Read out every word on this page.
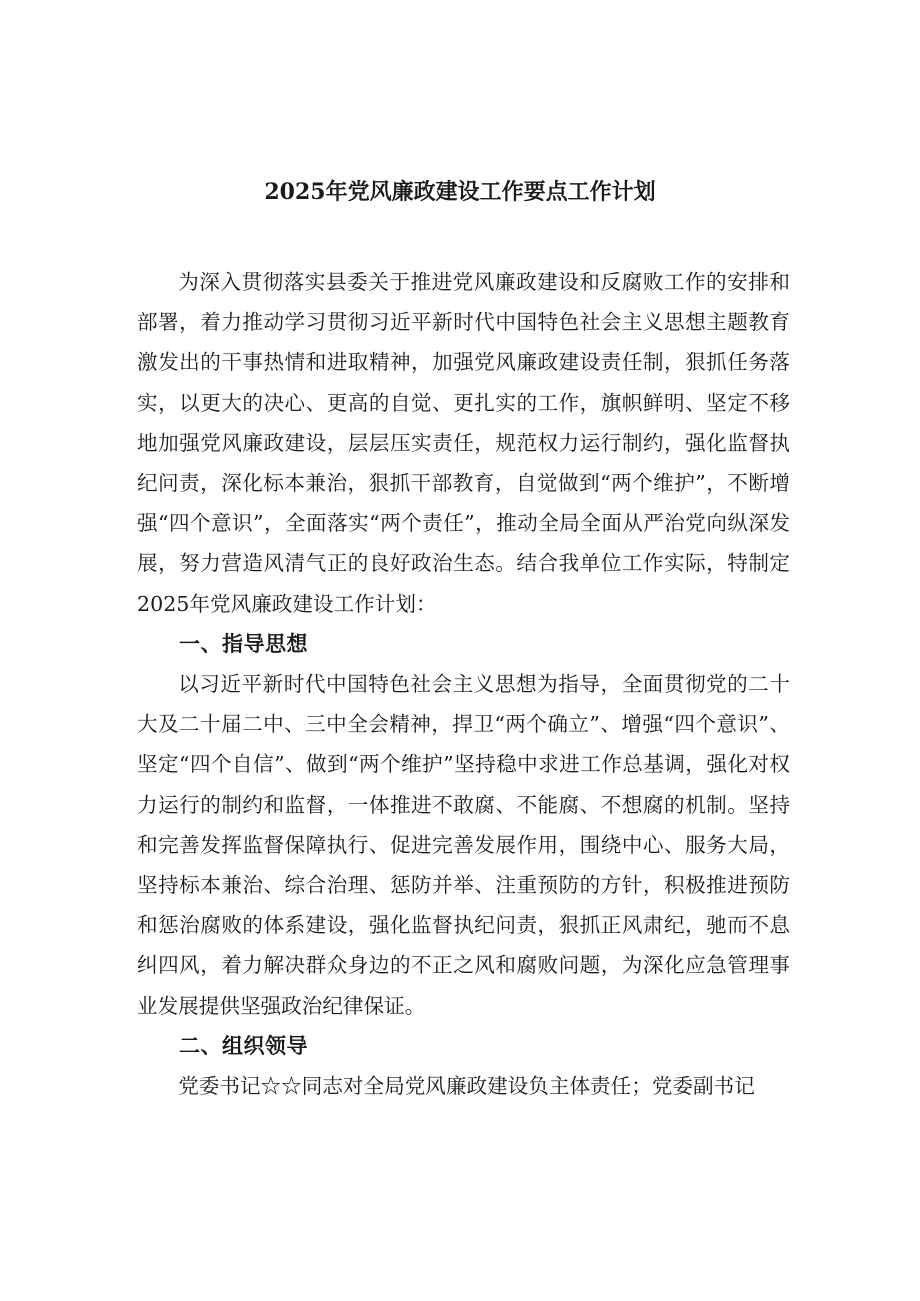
2025年党风廉政建设工作要点工作计划

为深入贯彻落实县委关于推进党风廉政建设和反腐败工作的安排和部署，着力推动学习贯彻习近平新时代中国特色社会主义思想主题教育激发出的干事热情和进取精神，加强党风廉政建设责任制，狠抓任务落实，以更大的决心、更高的自觉、更扎实的工作，旗帜鲜明、坚定不移地加强党风廉政建设，层层压实责任，规范权力运行制约，强化监督执纪问责，深化标本兼治，狠抓干部教育，自觉做到“两个维护”，不断增强“四个意识”，全面落实“两个责任”，推动全局全面从严治党向纵深发展，努力营造风清气正的良好政治生态。结合我单位工作实际，特制定2025年党风廉政建设工作计划：

一、指导思想

以习近平新时代中国特色社会主义思想为指导，全面贯彻党的二十大及二十届二中、三中全会精神，捍卫“两个确立”、增强“四个意识”、坚定“四个自信”、做到“两个维护”坚持稳中求进工作总基调，强化对权力运行的制约和监督，一体推进不敢腐、不能腐、不想腐的机制。坚持和完善发挥监督保障执行、促进完善发展作用，围绕中心、服务大局，坚持标本兼治、综合治理、惩防并举、注重预防的方针，积极推进预防和惩治腐败的体系建设，强化监督执纪问责，狠抓正风肃纪，驰而不息纠四风，着力解决群众身边的不正之风和腐败问题，为深化应急管理事业发展提供坚强政治纪律保证。

二、组织领导

党委书记☆☆同志对全局党风廉政建设负主体责任；党委副书记
